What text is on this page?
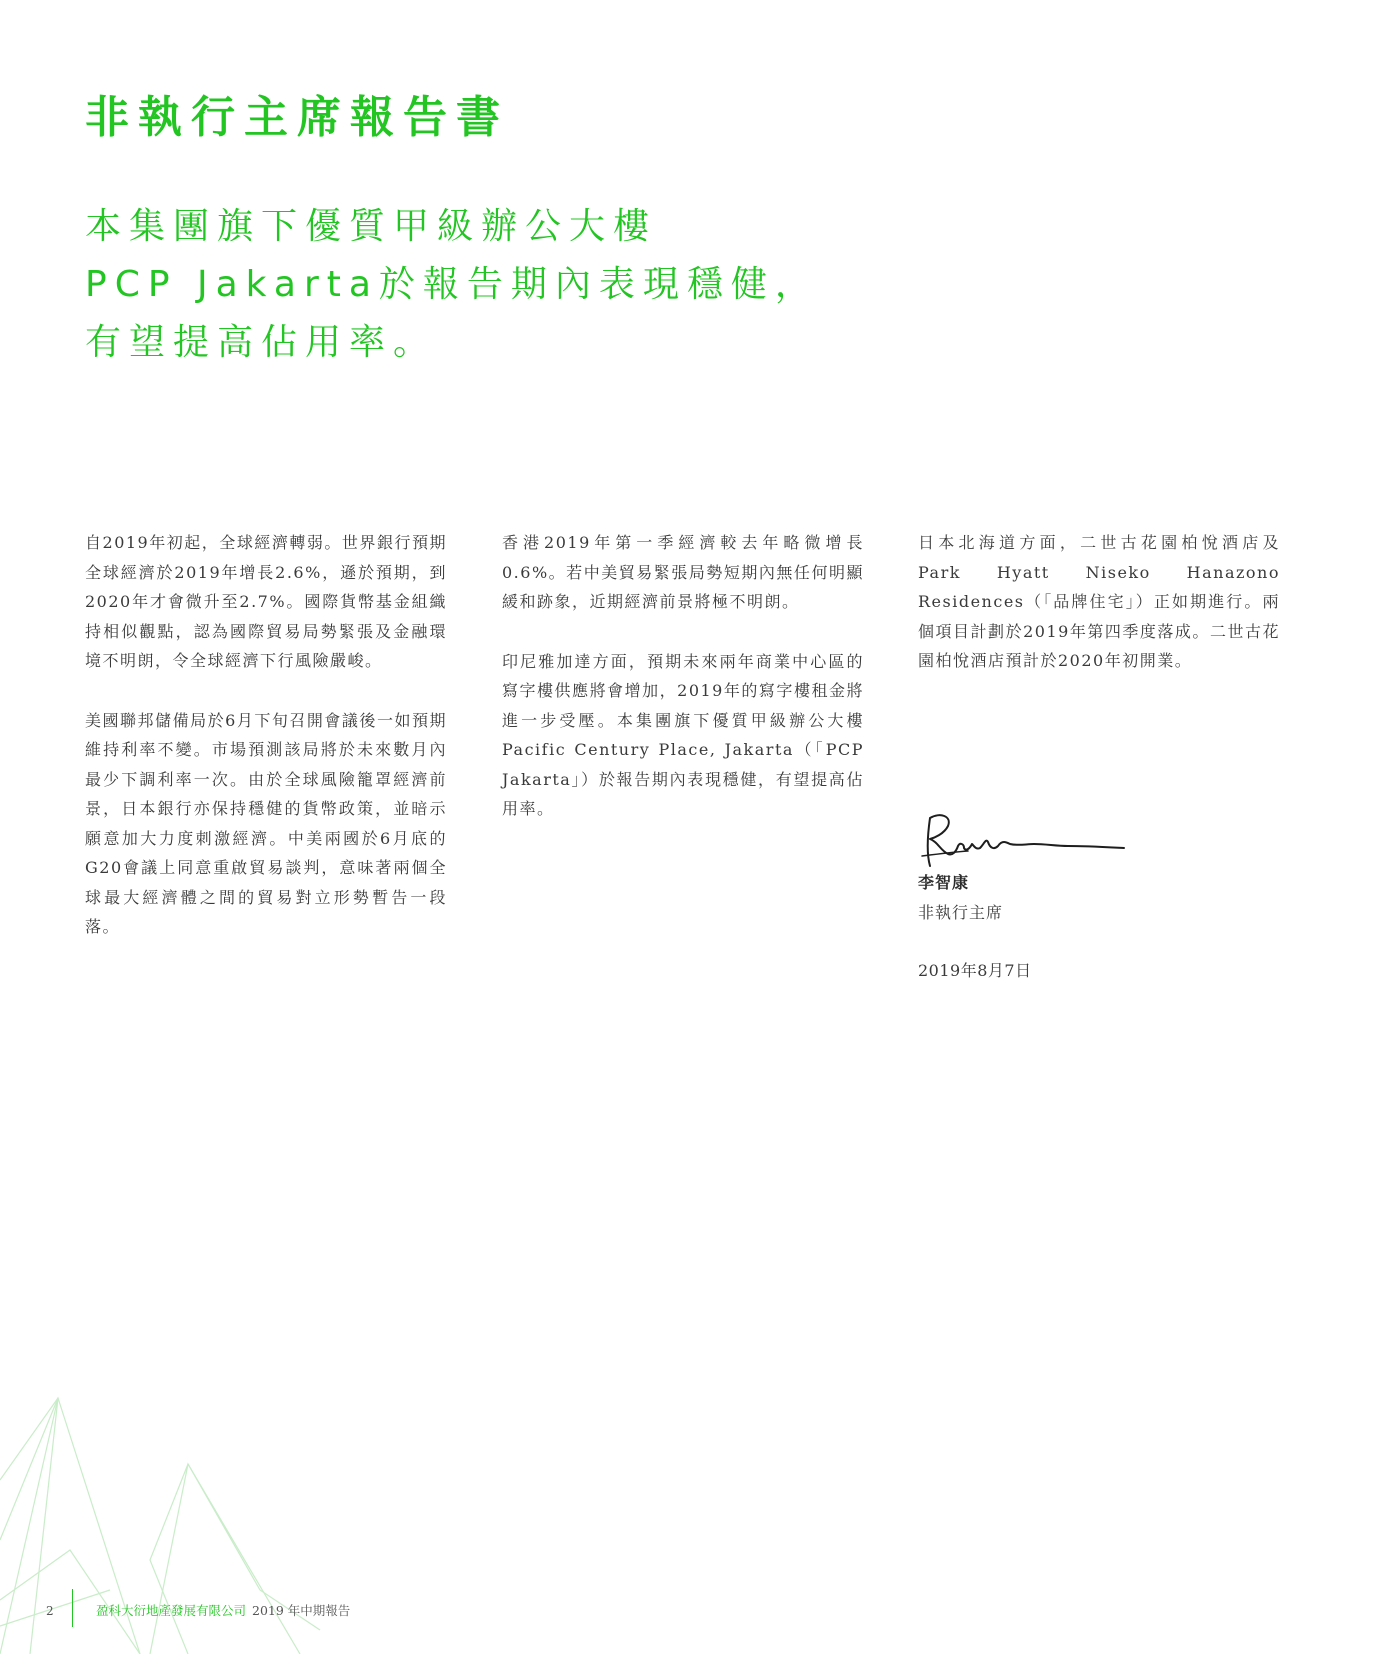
非執行主席報告書
本集團旗下優質甲級辦公大樓
PCP Jakarta於報告期內表現穩健，
有望提高佔用率。

自2019年初起，全球經濟轉弱。世界銀行預期全球經濟於2019年增長2.6%，遜於預期，到2020年才會微升至2.7%。國際貨幣基金組織持相似觀點，認為國際貿易局勢緊張及金融環境不明朗，令全球經濟下行風險嚴峻。

美國聯邦儲備局於6月下旬召開會議後一如預期維持利率不變。市場預測該局將於未來數月內最少下調利率一次。由於全球風險籠罩經濟前景，日本銀行亦保持穩健的貨幣政策，並暗示願意加大力度刺激經濟。中美兩國於6月底的G20會議上同意重啟貿易談判，意味著兩個全球最大經濟體之間的貿易對立形勢暫告一段落。

香港2019年第一季經濟較去年略微增長0.6%。若中美貿易緊張局勢短期內無任何明顯緩和跡象，近期經濟前景將極不明朗。

印尼雅加達方面，預期未來兩年商業中心區的寫字樓供應將會增加，2019年的寫字樓租金將進一步受壓。本集團旗下優質甲級辦公大樓Pacific Century Place, Jakarta（「PCP Jakarta」）於報告期內表現穩健，有望提高佔用率。

日本北海道方面，二世古花園柏悅酒店及 Park Hyatt Niseko Hanazono Residences（「品牌住宅」）正如期進行。兩個項目計劃於2019年第四季度落成。二世古花園柏悅酒店預計於2020年初開業。

李智康
非執行主席
2019年8月7日
2	盈科大衍地產發展有限公司 2019 年中期報告
